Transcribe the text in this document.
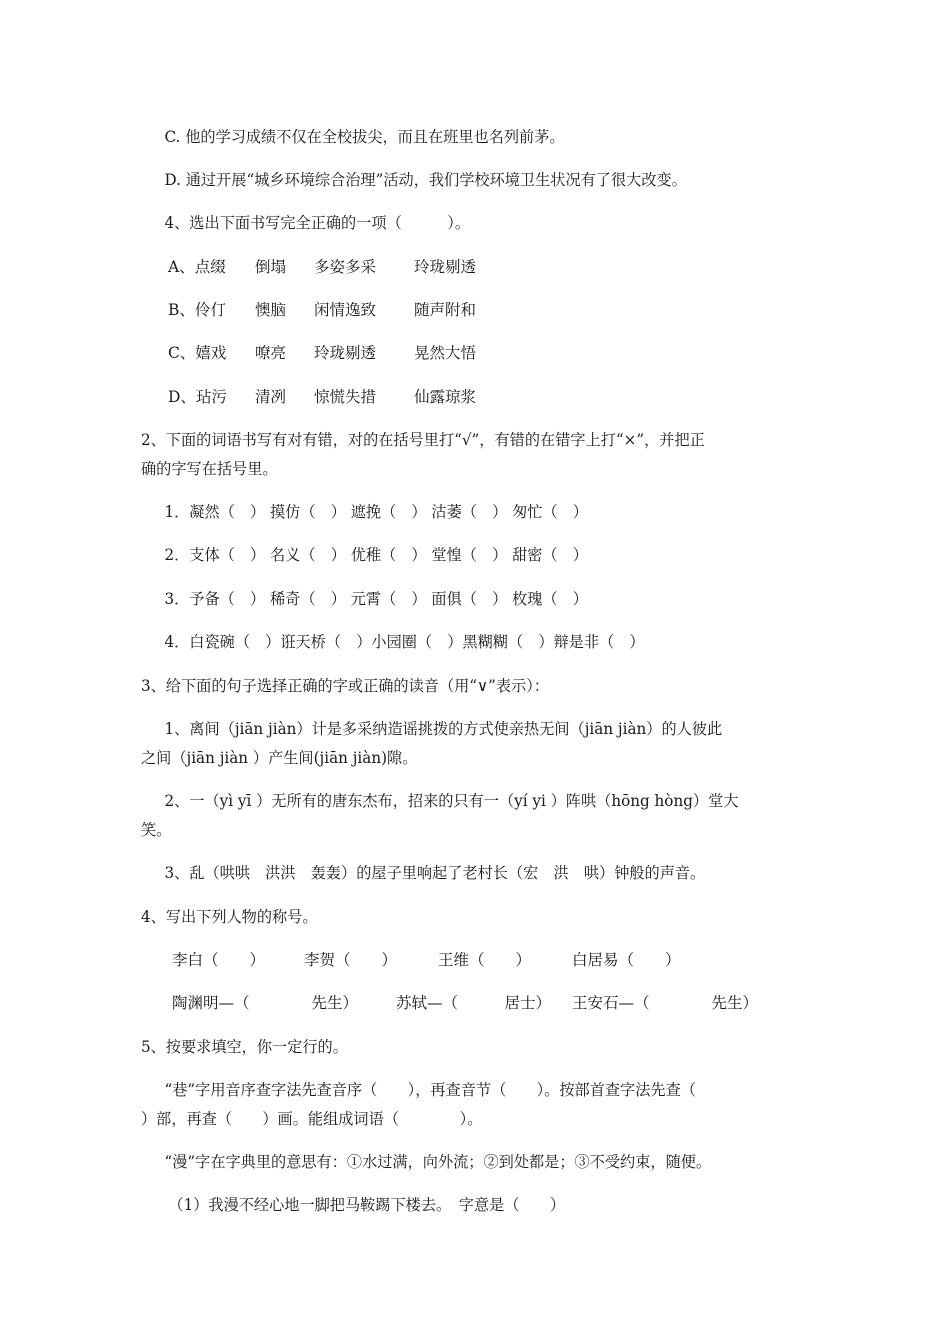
C. 他的学习成绩不仅在全校拔尖，而且在班里也名列前茅。
D. 通过开展“城乡环境综合治理”活动，我们学校环境卫生状况有了很大改变。
4、选出下面书写完全正确的一项（　　　）。
A、点缀 倒塌 多姿多采 玲珑剔透
B、伶仃 懊脑 闲情逸致 随声附和
C、嬉戏 嘹亮 玲珑剔透 晃然大悟
D、玷污 清冽 惊慌失措 仙露琼浆
2、下面的词语书写有对有错，对的在括号里打“√”，有错的在错字上打“×”，并把正
确的字写在括号里。
1．凝然（　） 摸仿（　） 遮挽（　） 沽萎（　） 匆忙（　）
2．支体（　） 名义（　） 优稚（　） 堂惶（　） 甜密（　）
3．予备（　） 稀奇（　） 元霄（　） 面俱（　） 枚瑰（　）
4．白瓷碗（　）诳天桥（　）小园圈（　）黑糊糊（　）辩是非（　）
3、给下面的句子选择正确的字或正确的读音（用“∨”表示）：
1、离间（jiān jiàn）计是多采纳造谣挑拨的方式使亲热无间（jiān jiàn）的人彼此
之间（jiān jiàn ）产生间(jiān jiàn)隙。
2、一（yì yī ）无所有的唐东杰布，招来的只有一（yí yi ）阵哄（hōng hòng）堂大
笑。
3、乱（哄哄　洪洪　轰轰）的屋子里响起了老村长（宏　洪　哄）钟般的声音。
4、写出下列人物的称号。
李白（　　）	李贺（　　）	王维（　　）	白居易（　　）
陶渊明—（　　　　先生） 苏轼—（　　　居士） 王安石—（　　　　先生）
5、按要求填空，你一定行的。
“巷”字用音序查字法先查音序（　　），再查音节（　　）。按部首查字法先查（
）部，再查（　　）画。能组成词语（　　　　）。
“漫”字在字典里的意思有：①水过满，向外流；②到处都是；③不受约束，随便。
（1）我漫不经心地一脚把马鞍踢下楼去。　字意是（　　）
